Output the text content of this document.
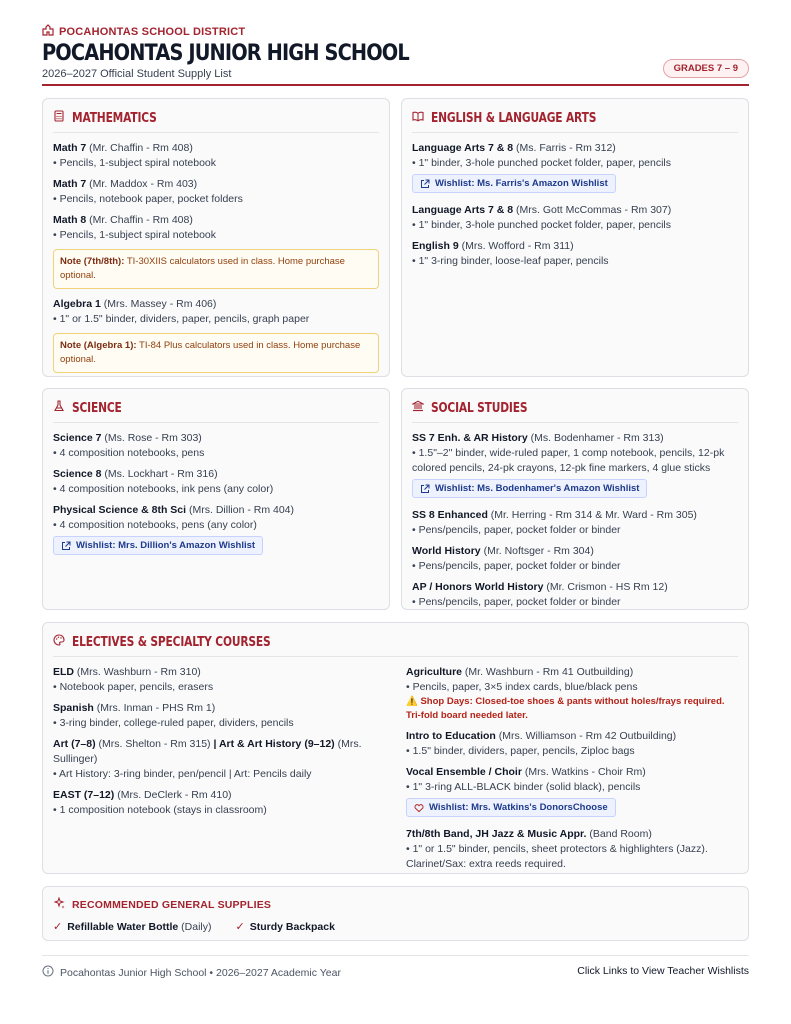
POCAHONTAS SCHOOL DISTRICT
POCAHONTAS JUNIOR HIGH SCHOOL
2026–2027 Official Student Supply List	GRADES 7 – 9
MATHEMATICS
Math 7 (Mr. Chaffin - Rm 408)
• Pencils, 1-subject spiral notebook
Math 7 (Mr. Maddox - Rm 403)
• Pencils, notebook paper, pocket folders
Math 8 (Mr. Chaffin - Rm 408)
• Pencils, 1-subject spiral notebook
Note (7th/8th): TI-30XIIS calculators used in class. Home purchase optional.
Algebra 1 (Mrs. Massey - Rm 406)
• 1" or 1.5" binder, dividers, paper, pencils, graph paper
Note (Algebra 1): TI-84 Plus calculators used in class. Home purchase optional.
ENGLISH & LANGUAGE ARTS
Language Arts 7 & 8 (Ms. Farris - Rm 312)
• 1" binder, 3-hole punched pocket folder, paper, pencils
Wishlist: Ms. Farris's Amazon Wishlist
Language Arts 7 & 8 (Mrs. Gott McCommas - Rm 307)
• 1" binder, 3-hole punched pocket folder, paper, pencils
English 9 (Mrs. Wofford - Rm 311)
• 1" 3-ring binder, loose-leaf paper, pencils
SCIENCE
Science 7 (Ms. Rose - Rm 303)
• 4 composition notebooks, pens
Science 8 (Ms. Lockhart - Rm 316)
• 4 composition notebooks, ink pens (any color)
Physical Science & 8th Sci (Mrs. Dillion - Rm 404)
• 4 composition notebooks, pens (any color)
Wishlist: Mrs. Dillion's Amazon Wishlist
SOCIAL STUDIES
SS 7 Enh. & AR History (Ms. Bodenhamer - Rm 313)
• 1.5"–2" binder, wide-ruled paper, 1 comp notebook, pencils, 12-pk colored pencils, 24-pk crayons, 12-pk fine markers, 4 glue sticks
Wishlist: Ms. Bodenhamer's Amazon Wishlist
SS 8 Enhanced (Mr. Herring - Rm 314 & Mr. Ward - Rm 305)
• Pens/pencils, paper, pocket folder or binder
World History (Mr. Noftsger - Rm 304)
• Pens/pencils, paper, pocket folder or binder
AP / Honors World History (Mr. Crismon - HS Rm 12)
• Pens/pencils, paper, pocket folder or binder
ELECTIVES & SPECIALTY COURSES
ELD (Mrs. Washburn - Rm 310)
• Notebook paper, pencils, erasers
Spanish (Mrs. Inman - PHS Rm 1)
• 3-ring binder, college-ruled paper, dividers, pencils
Art (7–8) (Mrs. Shelton - Rm 315) | Art & Art History (9–12) (Mrs. Sullinger)
• Art History: 3-ring binder, pen/pencil | Art: Pencils daily
EAST (7–12) (Mrs. DeClerk - Rm 410)
• 1 composition notebook (stays in classroom)
Agriculture (Mr. Washburn - Rm 41 Outbuilding)
• Pencils, paper, 3×5 index cards, blue/black pens
⚠️ Shop Days: Closed-toe shoes & pants without holes/frays required. Tri-fold board needed later.
Intro to Education (Mrs. Williamson - Rm 42 Outbuilding)
• 1.5" binder, dividers, paper, pencils, Ziploc bags
Vocal Ensemble / Choir (Mrs. Watkins - Choir Rm)
• 1" 3-ring ALL-BLACK binder (solid black), pencils
Wishlist: Mrs. Watkins's DonorsChoose
7th/8th Band, JH Jazz & Music Appr. (Band Room)
• 1" or 1.5" binder, pencils, sheet protectors & highlighters (Jazz). Clarinet/Sax: extra reeds required.
RECOMMENDED GENERAL SUPPLIES
✓ Refillable Water Bottle (Daily) ✓ Sturdy Backpack
Pocahontas Junior High School • 2026–2027 Academic Year	Click Links to View Teacher Wishlists
